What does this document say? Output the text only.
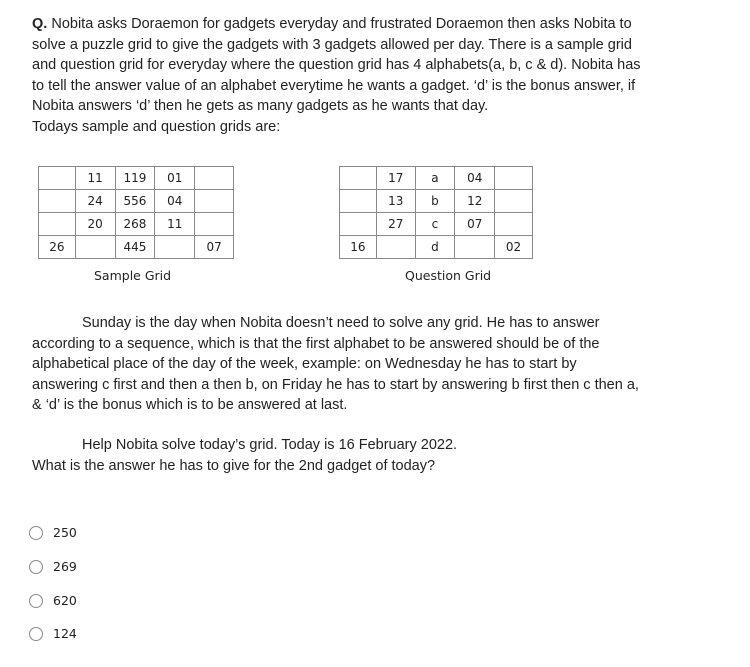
Q. Nobita asks Doraemon for gadgets everyday and frustrated Doraemon then asks Nobita to solve a puzzle grid to give the gadgets with 3 gadgets allowed per day. There is a sample grid and question grid for everyday where the question grid has 4 alphabets(a, b, c & d). Nobita has to tell the answer value of an alphabet everytime he wants a gadget. ‘d’ is the bonus answer, if Nobita answers ‘d’ then he gets as many gadgets as he wants that day.
Todays sample and question grids are:

	11	119	01	
	24	556	04	
	20	268	11	
26		445		07
Sample Grid
	17	a	04	
	13	b	12	
	27	c	07	
16		d		02
Question Grid

Sunday is the day when Nobita doesn’t need to solve any grid. He has to answer according to a sequence, which is that the first alphabet to be answered should be of the alphabetical place of the day of the week, example: on Wednesday he has to start by answering c first and then a then b, on Friday he has to start by answering b first then c then a, & ‘d’ is the bonus which is to be answered at last.

Help Nobita solve today’s grid. Today is 16 February 2022.
What is the answer he has to give for the 2nd gadget of today?

250
269
620
124
